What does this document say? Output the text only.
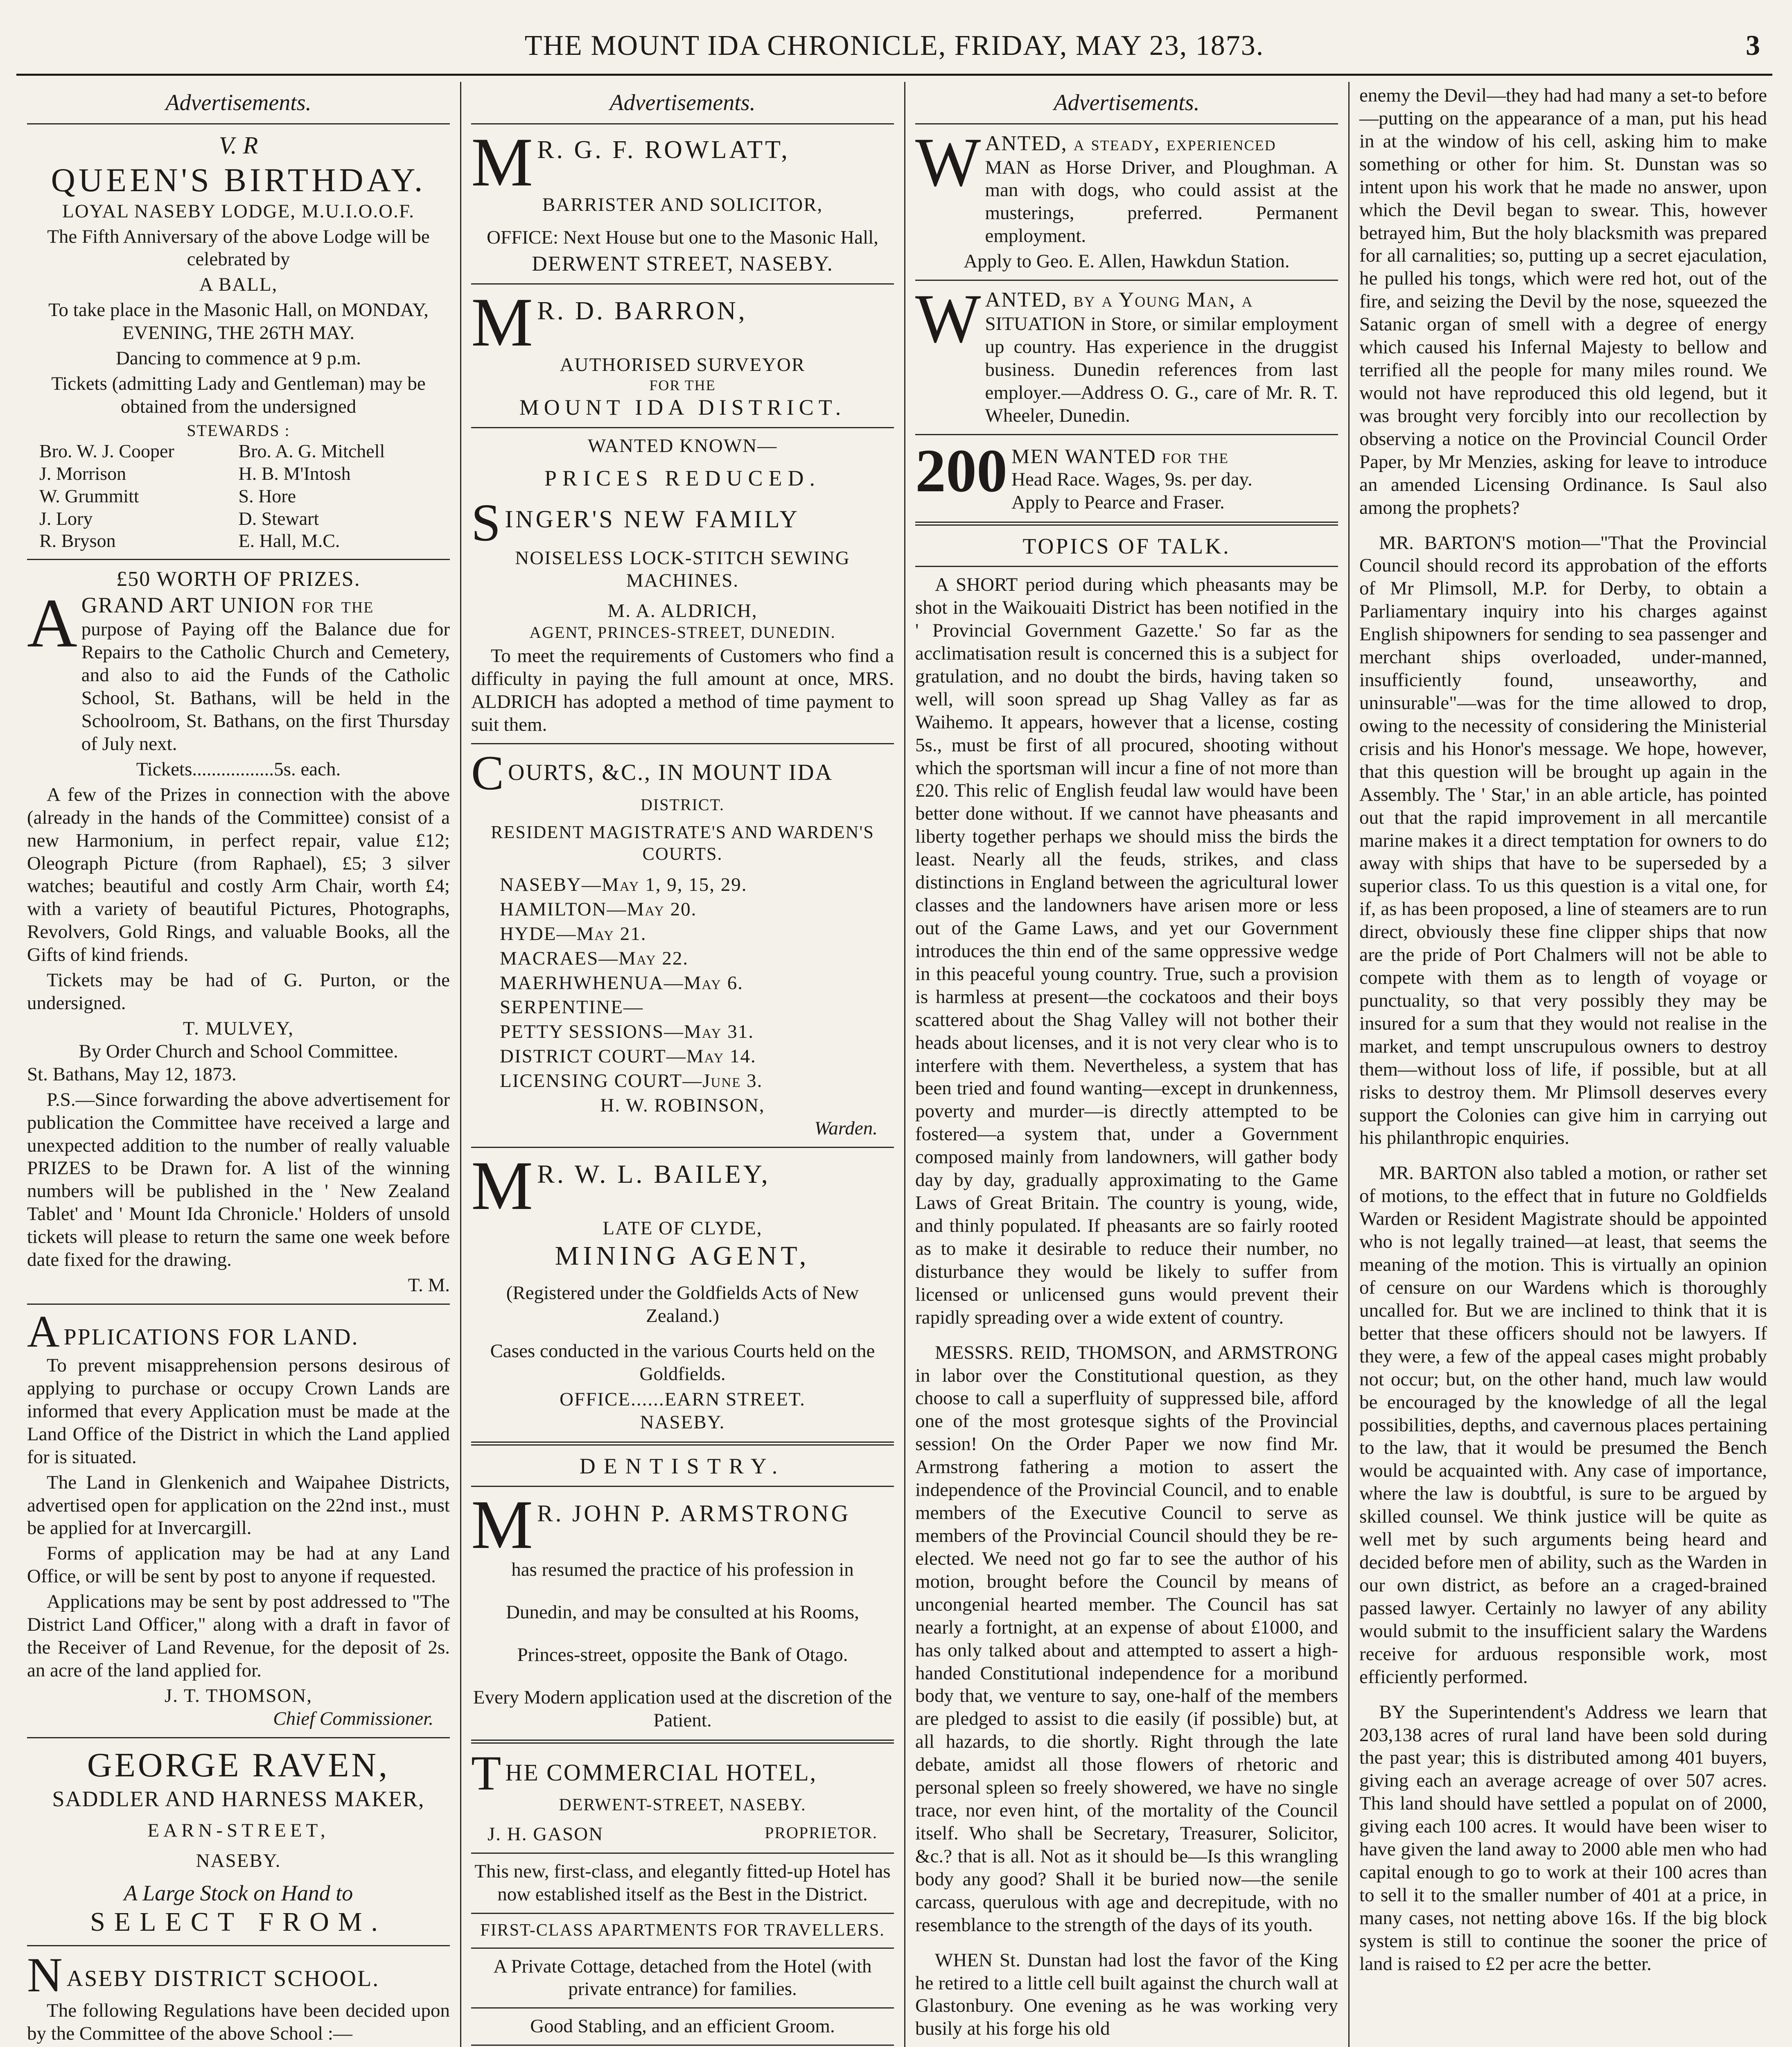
THE MOUNT IDA CHRONICLE, FRIDAY, MAY 23, 1873.	3
Advertisements.
V. R
QUEEN'S BIRTHDAY.
LOYAL NASEBY LODGE, M.U.I.O.O.F.

The Fifth Anniversary of the above Lodge will be celebrated by

A BALL,

To take place in the Masonic Hall, on MONDAY, EVENING, THE 26TH MAY.

Dancing to commence at 9 p.m.

Tickets (admitting Lady and Gentleman) may be obtained from the undersigned

STEWARDS :
Bro. W. J. Cooper	Bro. A. G. Mitchell
J. Morrison	H. B. M'Intosh
W. Grummitt	S. Hore
J. Lory	D. Stewart
R. Bryson	E. Hall, M.C.
£50 WORTH OF PRIZES.
A GRAND ART UNION for the
purpose of Paying off the Balance due for Repairs to the Catholic Church and Cemetery, and also to aid the Funds of the Catholic School, St. Bathans, will be held in the Schoolroom, St. Bathans, on the first Thursday of July next.

Tickets.................5s. each.

A few of the Prizes in connection with the above (already in the hands of the Committee) consist of a new Harmonium, in perfect repair, value £12; Oleograph Picture (from Raphael), £5; 3 silver watches; beautiful and costly Arm Chair, worth £4; with a variety of beautiful Pictures, Photographs, Revolvers, Gold Rings, and valuable Books, all the Gifts of kind friends.

Tickets may be had of G. Purton, or the undersigned.

T. MULVEY,
By Order Church and School Committee.
St. Bathans, May 12, 1873.

P.S.—Since forwarding the above advertisement for publication the Committee have received a large and unexpected addition to the number of really valuable PRIZES to be Drawn for. A list of the winning numbers will be published in the ' New Zealand Tablet' and ' Mount Ida Chronicle.' Holders of unsold tickets will please to return the same one week before date fixed for the drawing.

T. M.
A PPLICATIONS FOR LAND.

To prevent misapprehension persons desirous of applying to purchase or occupy Crown Lands are informed that every Application must be made at the Land Office of the District in which the Land applied for is situated.

The Land in Glenkenich and Waipahee Districts, advertised open for application on the 22nd inst., must be applied for at Invercargill.

Forms of application may be had at any Land Office, or will be sent by post to anyone if requested.

Applications may be sent by post addressed to "The District Land Officer," along with a draft in favor of the Receiver of Land Revenue, for the deposit of 2s. an acre of the land applied for.

J. T. THOMSON,
Chief Commissioner.
GEORGE RAVEN,
SADDLER AND HARNESS MAKER,
EARN-STREET,
NASEBY.
A Large Stock on Hand to
SELECT FROM.
N ASEBY DISTRICT SCHOOL.

The following Regulations have been decided upon by the Committee of the above School :—

Advertisements.
M R. G. F. ROWLATT,
BARRISTER AND SOLICITOR,

OFFICE: Next House but one to the Masonic Hall,

DERWENT STREET, NASEBY.
M R. D. BARRON,
AUTHORISED SURVEYOR
FOR THE
MOUNT IDA DISTRICT.
WANTED KNOWN—
PRICES REDUCED.
S INGER'S NEW FAMILY
NOISELESS LOCK-STITCH SEWING MACHINES.
M. A. ALDRICH,
AGENT, PRINCES-STREET, DUNEDIN.

To meet the requirements of Customers who find a difficulty in paying the full amount at once, MRS. ALDRICH has adopted a method of time payment to suit them.

C OURTS, &C., IN MOUNT IDA
DISTRICT.
RESIDENT MAGISTRATE'S AND WARDEN'S COURTS.
NASEBY—May 1, 9, 15, 29.
HAMILTON—May 20.
HYDE—May 21.
MACRAES—May 22.
MAERHWHENUA—May 6.
SERPENTINE—
PETTY SESSIONS—May 31.
DISTRICT COURT—May 14.
LICENSING COURT—June 3.
H. W. ROBINSON,
Warden.
M R. W. L. BAILEY,
LATE OF CLYDE,
MINING AGENT,

(Registered under the Goldfields Acts of New Zealand.)

Cases conducted in the various Courts held on the Goldfields.

OFFICE......EARN STREET.
NASEBY.
DENTISTRY.
M R. JOHN P. ARMSTRONG

has resumed the practice of his profession in

Dunedin, and may be consulted at his Rooms,

Princes-street, opposite the Bank of Otago.

Every Modern application used at the discretion of the Patient.

T HE COMMERCIAL HOTEL,
DERWENT-STREET, NASEBY.
J. H. GASON	PROPRIETOR.

This new, first-class, and elegantly fitted-up Hotel has now established itself as the Best in the District.

FIRST-CLASS APARTMENTS FOR TRAVELLERS.

A Private Cottage, detached from the Hotel (with private entrance) for families.

Good Stabling, and an efficient Groom.

Advertisements.
W ANTED, a steady, experienced
MAN as Horse Driver, and Ploughman. A man with dogs, who could assist at the musterings, preferred. Permanent employment.

Apply to Geo. E. Allen, Hawkdun Station.

W ANTED, by a Young Man, a
SITUATION in Store, or similar employment up country. Has experience in the druggist business. Dunedin references from last employer.—Address O. G., care of Mr. R. T. Wheeler, Dunedin.
200 MEN WANTED for the
Head Race. Wages, 9s. per day.
Apply to Pearce and Fraser.
TOPICS OF TALK.

A SHORT period during which pheasants may be shot in the Waikouaiti District has been notified in the ' Provincial Government Gazette.' So far as the acclimatisation result is concerned this is a subject for gratulation, and no doubt the birds, having taken so well, will soon spread up Shag Valley as far as Waihemo. It appears, however that a license, costing 5s., must be first of all procured, shooting without which the sportsman will incur a fine of not more than £20. This relic of English feudal law would have been better done without. If we cannot have pheasants and liberty together perhaps we should miss the birds the least. Nearly all the feuds, strikes, and class distinctions in England between the agricultural lower classes and the landowners have arisen more or less out of the Game Laws, and yet our Government introduces the thin end of the same oppressive wedge in this peaceful young country. True, such a provision is harmless at present—the cockatoos and their boys scattered about the Shag Valley will not bother their heads about licenses, and it is not very clear who is to interfere with them. Nevertheless, a system that has been tried and found wanting—except in drunkenness, poverty and murder—is directly attempted to be fostered—a system that, under a Government composed mainly from landowners, will gather body day by day, gradually approximating to the Game Laws of Great Britain. The country is young, wide, and thinly populated. If pheasants are so fairly rooted as to make it desirable to reduce their number, no disturbance they would be likely to suffer from licensed or unlicensed guns would prevent their rapidly spreading over a wide extent of country.

MESSRS. REID, THOMSON, and ARMSTRONG in labor over the Constitutional question, as they choose to call a superfluity of suppressed bile, afford one of the most grotesque sights of the Provincial session! On the Order Paper we now find Mr. Armstrong fathering a motion to assert the independence of the Provincial Council, and to enable members of the Executive Council to serve as members of the Provincial Council should they be re-elected. We need not go far to see the author of his motion, brought before the Council by means of uncongenial hearted member. The Council has sat nearly a fortnight, at an expense of about £1000, and has only talked about and attempted to assert a high-handed Constitutional independence for a moribund body that, we venture to say, one-half of the members are pledged to assist to die easily (if possible) but, at all hazards, to die shortly. Right through the late debate, amidst all those flowers of rhetoric and personal spleen so freely showered, we have no single trace, nor even hint, of the mortality of the Council itself. Who shall be Secretary, Treasurer, Solicitor, &c.? that is all. Not as it should be—Is this wrangling body any good? Shall it be buried now—the senile carcass, querulous with age and decrepitude, with no resemblance to the strength of the days of its youth.

WHEN St. Dunstan had lost the favor of the King he retired to a little cell built against the church wall at Glastonbury. One evening as he was working very busily at his forge his old

enemy the Devil—they had had many a set-to before—putting on the appearance of a man, put his head in at the window of his cell, asking him to make something or other for him. St. Dunstan was so intent upon his work that he made no answer, upon which the Devil began to swear. This, however betrayed him, But the holy blacksmith was prepared for all carnalities; so, putting up a secret ejaculation, he pulled his tongs, which were red hot, out of the fire, and seizing the Devil by the nose, squeezed the Satanic organ of smell with a degree of energy which caused his Infernal Majesty to bellow and terrified all the people for many miles round. We would not have reproduced this old legend, but it was brought very forcibly into our recollection by observing a notice on the Provincial Council Order Paper, by Mr Menzies, asking for leave to introduce an amended Licensing Ordinance. Is Saul also among the prophets?

MR. BARTON'S motion—"That the Provincial Council should record its approbation of the efforts of Mr Plimsoll, M.P. for Derby, to obtain a Parliamentary inquiry into his charges against English shipowners for sending to sea passenger and merchant ships overloaded, under-manned, insufficiently found, unseaworthy, and uninsurable"—was for the time allowed to drop, owing to the necessity of considering the Ministerial crisis and his Honor's message. We hope, however, that this question will be brought up again in the Assembly. The ' Star,' in an able article, has pointed out that the rapid improvement in all mercantile marine makes it a direct temptation for owners to do away with ships that have to be superseded by a superior class. To us this question is a vital one, for if, as has been proposed, a line of steamers are to run direct, obviously these fine clipper ships that now are the pride of Port Chalmers will not be able to compete with them as to length of voyage or punctuality, so that very possibly they may be insured for a sum that they would not realise in the market, and tempt unscrupulous owners to destroy them—without loss of life, if possible, but at all risks to destroy them. Mr Plimsoll deserves every support the Colonies can give him in carrying out his philanthropic enquiries.

MR. BARTON also tabled a motion, or rather set of motions, to the effect that in future no Goldfields Warden or Resident Magistrate should be appointed who is not legally trained—at least, that seems the meaning of the motion. This is virtually an opinion of censure on our Wardens which is thoroughly uncalled for. But we are inclined to think that it is better that these officers should not be lawyers. If they were, a few of the appeal cases might probably not occur; but, on the other hand, much law would be encouraged by the knowledge of all the legal possibilities, depths, and cavernous places pertaining to the law, that it would be presumed the Bench would be acquainted with. Any case of importance, where the law is doubtful, is sure to be argued by skilled counsel. We think justice will be quite as well met by such arguments being heard and decided before men of ability, such as the Warden in our own district, as before an a craged-brained passed lawyer. Certainly no lawyer of any ability would submit to the insufficient salary the Wardens receive for arduous responsible work, most efficiently performed.

BY the Superintendent's Address we learn that 203,138 acres of rural land have been sold during the past year; this is distributed among 401 buyers, giving each an average acreage of over 507 acres. This land should have settled a populat on of 2000, giving each 100 acres. It would have been wiser to have given the land away to 2000 able men who had capital enough to go to work at their 100 acres than to sell it to the smaller number of 401 at a price, in many cases, not netting above 16s. If the big block system is still to continue the sooner the price of land is raised to £2 per acre the better.
